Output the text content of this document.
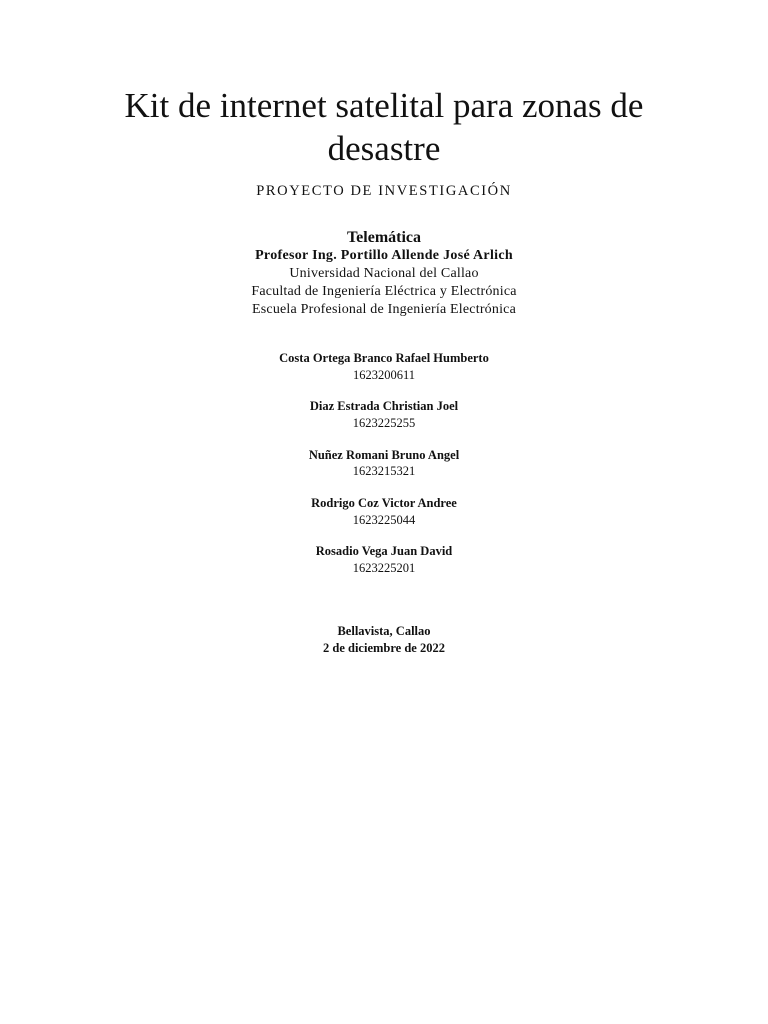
Kit de internet satelital para zonas de desastre
PROYECTO DE INVESTIGACIÓN
Telemática
Profesor Ing. Portillo Allende José Arlich
Universidad Nacional del Callao
Facultad de Ingeniería Eléctrica y Electrónica
Escuela Profesional de Ingeniería Electrónica
Costa Ortega Branco Rafael Humberto
1623200611
Diaz Estrada Christian Joel
1623225255
Nuñez Romani Bruno Angel
1623215321
Rodrigo Coz Victor Andree
1623225044
Rosadio Vega Juan David
1623225201
Bellavista, Callao
2 de diciembre de 2022
